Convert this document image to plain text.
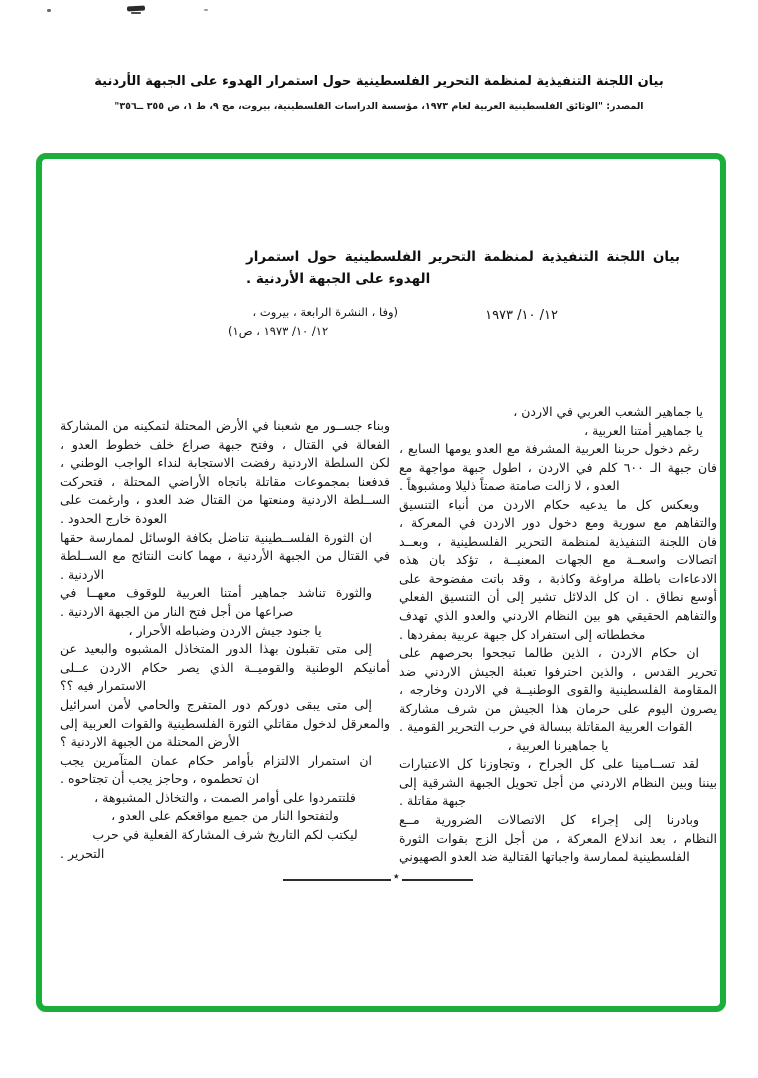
بيان اللجنة التنفيذية لمنظمة التحرير الفلسطينية حول استمرار الهدوء على الجبهة الأردنية
المصدر: "الوثائق الفلسطينية العربية لعام ١٩٧٣، مؤسسة الدراسات الفلسطينية، بيروت، مج ٩، ط ١، ص ٣٥٥ ــ٣٥٦"
بيان اللجنة التنفيذية لمنظمة التحرير الفلسطينية حول استمرار
الهدوء على الجبهة الأردنية .
١٢/ ١٠/ ١٩٧٣
(وفا ، النشرة الرابعة ، بيروت ،
١٢/ ١٠/ ١٩٧٣ ، ص١)
يا جماهير الشعب العربي في الاردن ،
يا جماهير أمتنا العربية ،
رغم دخول حربنا العربية المشرفة مع العدو يومها السابع ،
فان جبهة الـ ٦٠٠ كلم في الاردن ، اطول جبهة مواجهة مع
العدو ، لا زالت صامتة صمتاً ذليلا ومشبوهاً .
ويعكس كل ما يدعيه حكام الاردن من أنباء التنسيق
والتفاهم مع سورية ومع دخول دور الاردن في المعركة ،
فان اللجنة التنفيذية لمنظمة التحرير الفلسطينية ، وبعــد
اتصالات واسعــة مع الجهات المعنيــة ، تؤكد بان هذه
الادعاءات باطلة مراوغة وكاذبة ، وقد باتت مفضوحة على
أوسع نطاق . ان كل الدلائل تشير إلى أن التنسيق الفعلي
والتفاهم الحقيقي هو بين النظام الاردني والعدو الذي تهدف
مخططاته إلى استفراد كل جبهة عربية بمفردها .
ان حكام الاردن ، الذين طالما تبجحوا بحرصهم على
تحرير القدس ، والذين احترفوا تعبئة الجيش الاردني ضد
المقاومة الفلسطينية والقوى الوطنيــة في الاردن وخارجه ،
يصرون اليوم على حرمان هذا الجيش من شرف مشاركة
القوات العربية المقاتلة ببسالة في حرب التحرير القومية .
يا جماهيرنا العربية ،
لقد تســامينا على كل الجراح ، وتجاوزنا كل الاعتبارات
بيننا وبين النظام الاردني من أجل تحويل الجبهة الشرقية إلى
جبهة مقاتلة .
وبادرنا إلى إجراء كل الاتصالات الضرورية مــع
النظام ، بعد اندلاع المعركة ، من أجل الزج بقوات الثورة
الفلسطينية لممارسة واجباتها القتالية ضد العدو الصهيوني
وبناء جســور مع شعبنا في الأرض المحتلة لتمكينه من المشاركة
الفعالة في القتال ، وفتح جبهة صراع خلف خطوط العدو ،
لكن السلطة الاردنية رفضت الاستجابة لنداء الواجب الوطني ،
فدفعنا بمجموعات مقاتلة باتجاه الأراضي المحتلة ، فتحركت
الســلطة الاردنية ومنعتها من القتال ضد العدو ، وارغمت على
العودة خارج الحدود .
ان الثورة الفلســطينية تناضل بكافة الوسائل لممارسة حقها
في القتال من الجبهة الأردنية ، مهما كانت النتائج مع الســلطة
الاردنية .
والثورة تناشد جماهير أمتنا العربية للوقوف معهــا في
صراعها من أجل فتح النار من الجبهة الاردنية .
يا جنود جيش الاردن وضباطه الأحرار ،
إلى متى تقبلون بهذا الدور المتخاذل المشبوه والبعيد عن
أمانيكم الوطنية والقوميــة الذي يصر حكام الاردن عــلى
الاستمرار فيه ؟؟
إلى متى يبقى دوركم دور المتفرج والحامي لأمن اسرائيل
والمعرقل لدخول مقاتلي الثورة الفلسطينية والقوات العربية إلى
الأرض المحتلة من الجبهة الاردنية ؟
ان استمرار الالتزام بأوامر حكام عمان المتآمرين يجب
ان تحطموه ، وحاجز يجب أن تجتاحوه .
فلتتمردوا على أوامر الصمت ، والتخاذل المشبوهة ،
ولتفتحوا النار من جميع مواقعكم على العدو ،
ليكتب لكم التاريخ شرف المشاركة الفعلية في حرب
التحرير .
٭
